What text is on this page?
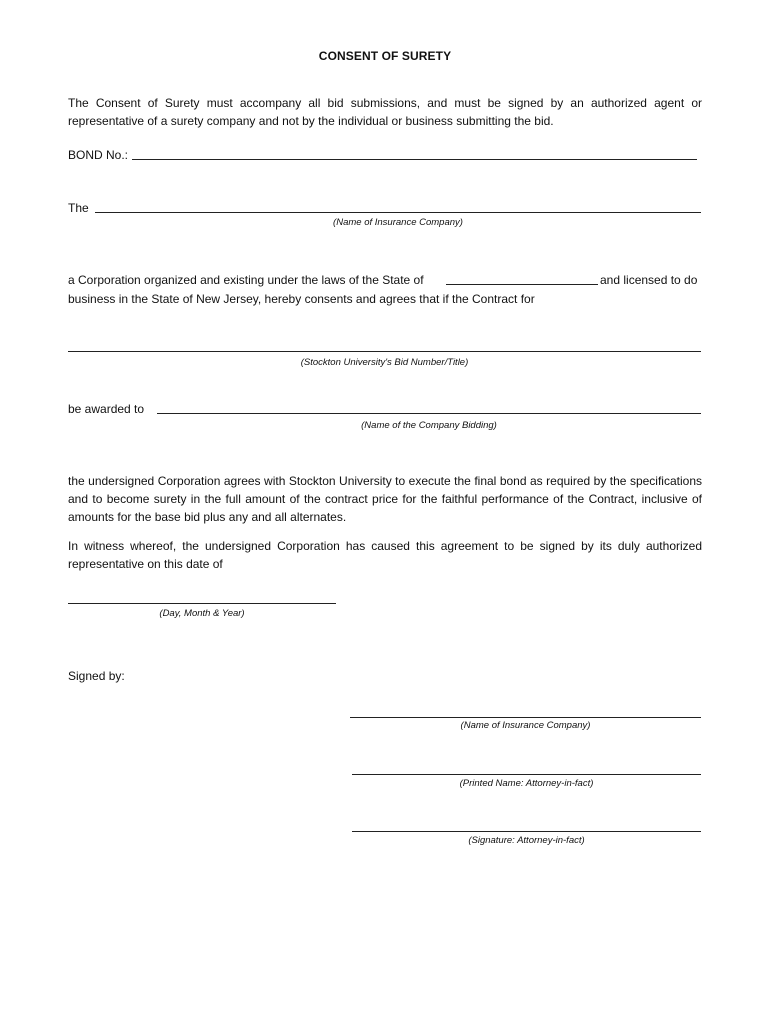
CONSENT OF SURETY
The Consent of Surety must accompany all bid submissions, and must be signed by an authorized agent or representative of a surety company and not by the individual or business submitting the bid.
BOND No.:
The
(Name of Insurance Company)
a Corporation organized and existing under the laws of the State of	and licensed to do
business in the State of New Jersey, hereby consents and agrees that if the Contract for
(Stockton University's Bid Number/Title)
be awarded to
(Name of the Company Bidding)
the undersigned Corporation agrees with Stockton University to execute the final bond as required by the specifications and to become surety in the full amount of the contract price for the faithful performance of the Contract, inclusive of amounts for the base bid plus any and all alternates.
In witness whereof, the undersigned Corporation has caused this agreement to be signed by its duly authorized representative on this date of
(Day, Month & Year)
Signed by:
(Name of Insurance Company)
(Printed Name: Attorney-in-fact)
(Signature: Attorney-in-fact)
